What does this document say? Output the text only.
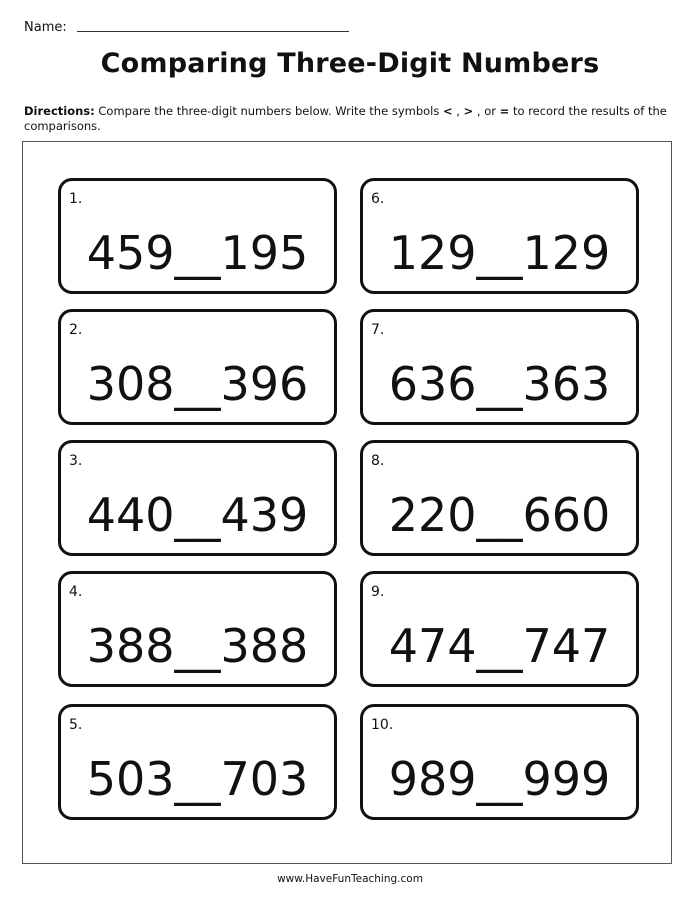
Name:
Comparing Three-Digit Numbers
Directions: Compare the three-digit numbers below. Write the symbols < , > , or = to record the results of the comparisons.
1.
459__195
2.
308__396
3.
440__439
4.
388__388
5.
503__703
6.
129__129
7.
636__363
8.
220__660
9.
474__747
10.
989__999
www.HaveFunTeaching.com
